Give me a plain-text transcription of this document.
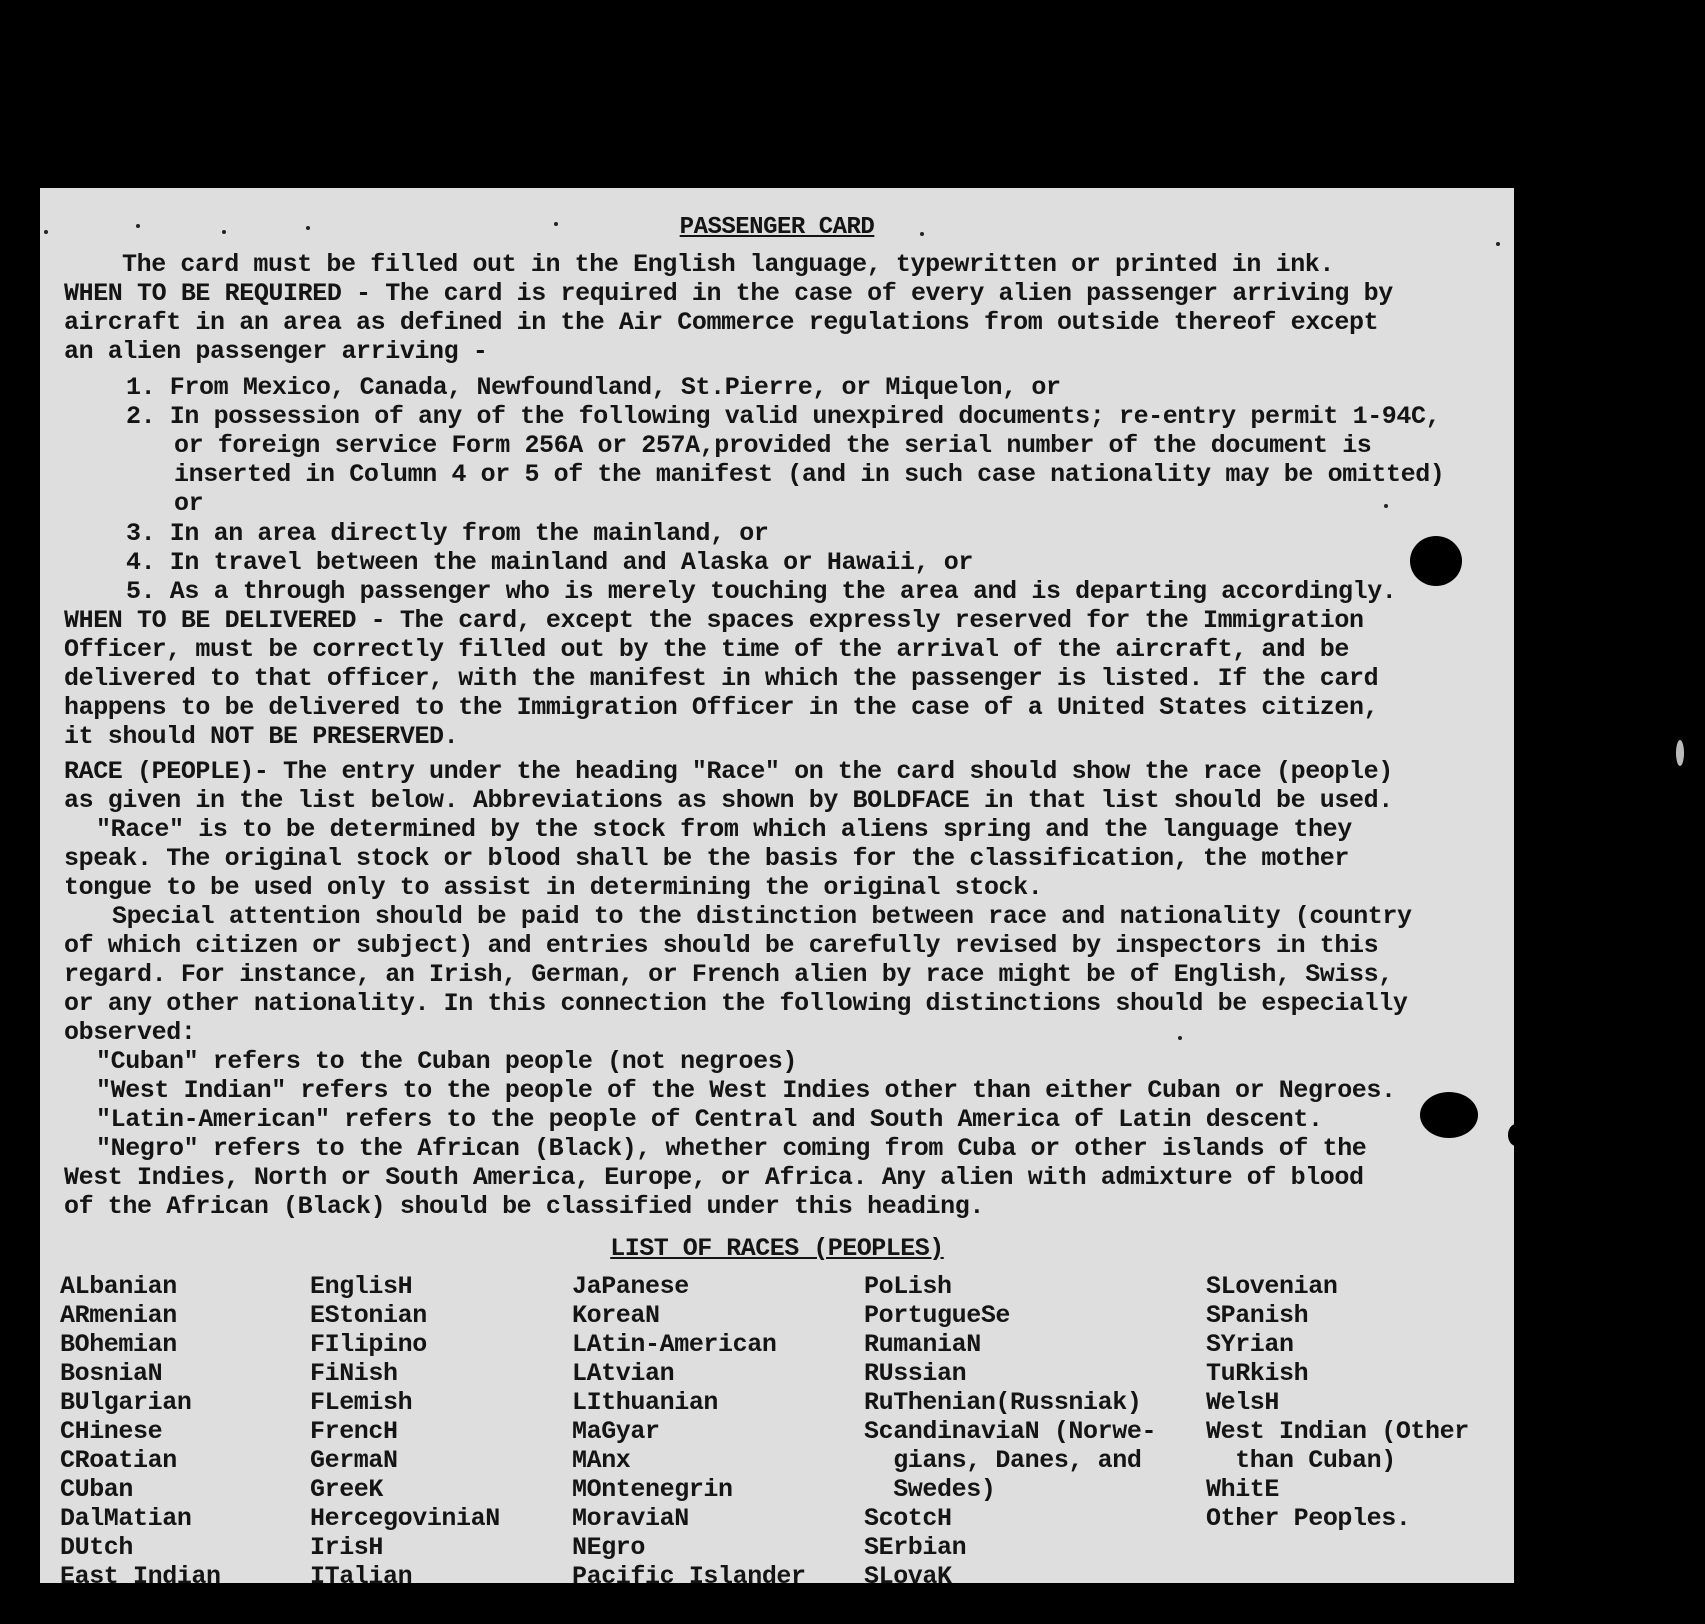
PASSENGER CARD
The card must be filled out in the English language, typewritten or printed in ink.
WHEN TO BE REQUIRED - The card is required in the case of every alien passenger arriving by
aircraft in an area as defined in the Air Commerce regulations from outside thereof except
an alien passenger arriving -
1. From Mexico, Canada, Newfoundland, St.Pierre, or Miquelon, or
2. In possession of any of the following valid unexpired documents; re-entry permit 1-94C,
or foreign service Form 256A or 257A,provided the serial number of the document is
inserted in Column 4 or 5 of the manifest (and in such case nationality may be omitted)
or
3. In an area directly from the mainland, or
4. In travel between the mainland and Alaska or Hawaii, or
5. As a through passenger who is merely touching the area and is departing accordingly.
WHEN TO BE DELIVERED - The card, except the spaces expressly reserved for the Immigration
Officer, must be correctly filled out by the time of the arrival of the aircraft, and be
delivered to that officer, with the manifest in which the passenger is listed. If the card
happens to be delivered to the Immigration Officer in the case of a United States citizen,
it should NOT BE PRESERVED.
RACE (PEOPLE)- The entry under the heading "Race" on the card should show the race (people)
as given in the list below. Abbreviations as shown by BOLDFACE in that list should be used.
"Race" is to be determined by the stock from which aliens spring and the language they
speak. The original stock or blood shall be the basis for the classification, the mother
tongue to be used only to assist in determining the original stock.
Special attention should be paid to the distinction between race and nationality (country
of which citizen or subject) and entries should be carefully revised by inspectors in this
regard. For instance, an Irish, German, or French alien by race might be of English, Swiss,
or any other nationality. In this connection the following distinctions should be especially
observed:
"Cuban" refers to the Cuban people (not negroes)
"West Indian" refers to the people of the West Indies other than either Cuban or Negroes.
"Latin-American" refers to the people of Central and South America of Latin descent.
"Negro" refers to the African (Black), whether coming from Cuba or other islands of the
West Indies, North or South America, Europe, or Africa. Any alien with admixture of blood
of the African (Black) should be classified under this heading.
LIST OF RACES (PEOPLES)
ALbanian
ARmenian
BOhemian
BosniaN
BUlgarian
CHinese
CRoatian
CUban
DalMatian
DUtch
East Indian
EnglisH
EStonian
FIlipino
FiNish
FLemish
FrencH
GermaN
GreeK
HercegoviniaN
IrisH
ITalian
JaPanese
KoreaN
LAtin-American
LAtvian
LIthuanian
MaGyar
MAnx
MOntenegrin
MoraviaN
NEgro
Pacific Islander
PoLish
PortugueSe
RumaniaN
RUssian
RuThenian(Russniak)
ScandinaviaN (Norwe-
gians, Danes, and
Swedes)
ScotcH
SErbian
SLovaK
SLovenian
SPanish
SYrian
TuRkish
WelsH
West Indian (Other
than Cuban)
WhitE
Other Peoples.
